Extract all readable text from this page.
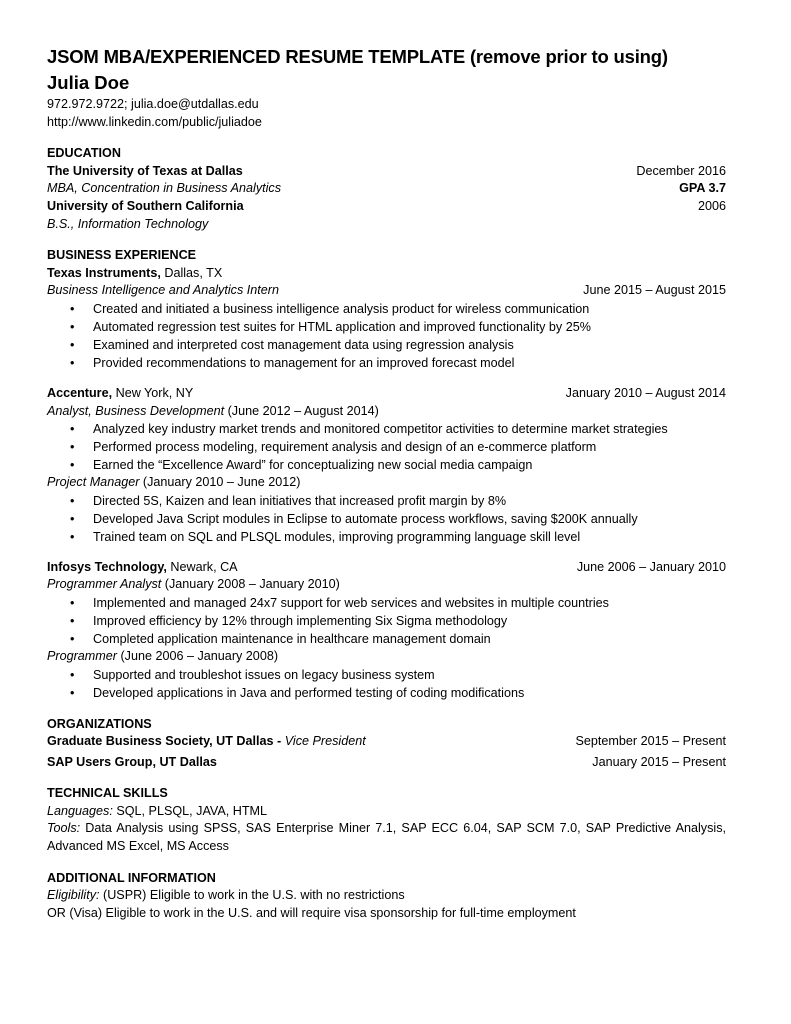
JSOM MBA/EXPERIENCED RESUME TEMPLATE (remove prior to using)
Julia Doe
972.972.9722; julia.doe@utdallas.edu
http://www.linkedin.com/public/juliadoe
EDUCATION
The University of Texas at Dallas	December 2016
MBA, Concentration in Business Analytics	GPA 3.7
University of Southern California	2006
B.S., Information Technology
BUSINESS EXPERIENCE
Texas Instruments, Dallas, TX
Business Intelligence and Analytics Intern	June 2015 – August 2015
• Created and initiated a business intelligence analysis product for wireless communication
• Automated regression test suites for HTML application and improved functionality by 25%
• Examined and interpreted cost management data using regression analysis
• Provided recommendations to management for an improved forecast model
Accenture, New York, NY	January 2010 – August 2014
Analyst, Business Development (June 2012 – August 2014)
• Analyzed key industry market trends and monitored competitor activities to determine market strategies
• Performed process modeling, requirement analysis and design of an e-commerce platform
• Earned the “Excellence Award” for conceptualizing new social media campaign
Project Manager (January 2010 – June 2012)
• Directed 5S, Kaizen and lean initiatives that increased profit margin by 8%
• Developed Java Script modules in Eclipse to automate process workflows, saving $200K annually
• Trained team on SQL and PLSQL modules, improving programming language skill level
Infosys Technology, Newark, CA	June 2006 – January 2010
Programmer Analyst (January 2008 – January 2010)
• Implemented and managed 24x7 support for web services and websites in multiple countries
• Improved efficiency by 12% through implementing Six Sigma methodology
• Completed application maintenance in healthcare management domain
Programmer (June 2006 – January 2008)
• Supported and troubleshot issues on legacy business system
• Developed applications in Java and performed testing of coding modifications
ORGANIZATIONS
Graduate Business Society, UT Dallas - Vice President	September 2015 – Present
SAP Users Group, UT Dallas	January 2015 – Present
TECHNICAL SKILLS
Languages: SQL, PLSQL, JAVA, HTML
Tools: Data Analysis using SPSS, SAS Enterprise Miner 7.1, SAP ECC 6.04, SAP SCM 7.0, SAP Predictive Analysis, Advanced MS Excel, MS Access
ADDITIONAL INFORMATION
Eligibility: (USPR) Eligible to work in the U.S. with no restrictions
OR (Visa) Eligible to work in the U.S. and will require visa sponsorship for full-time employment
